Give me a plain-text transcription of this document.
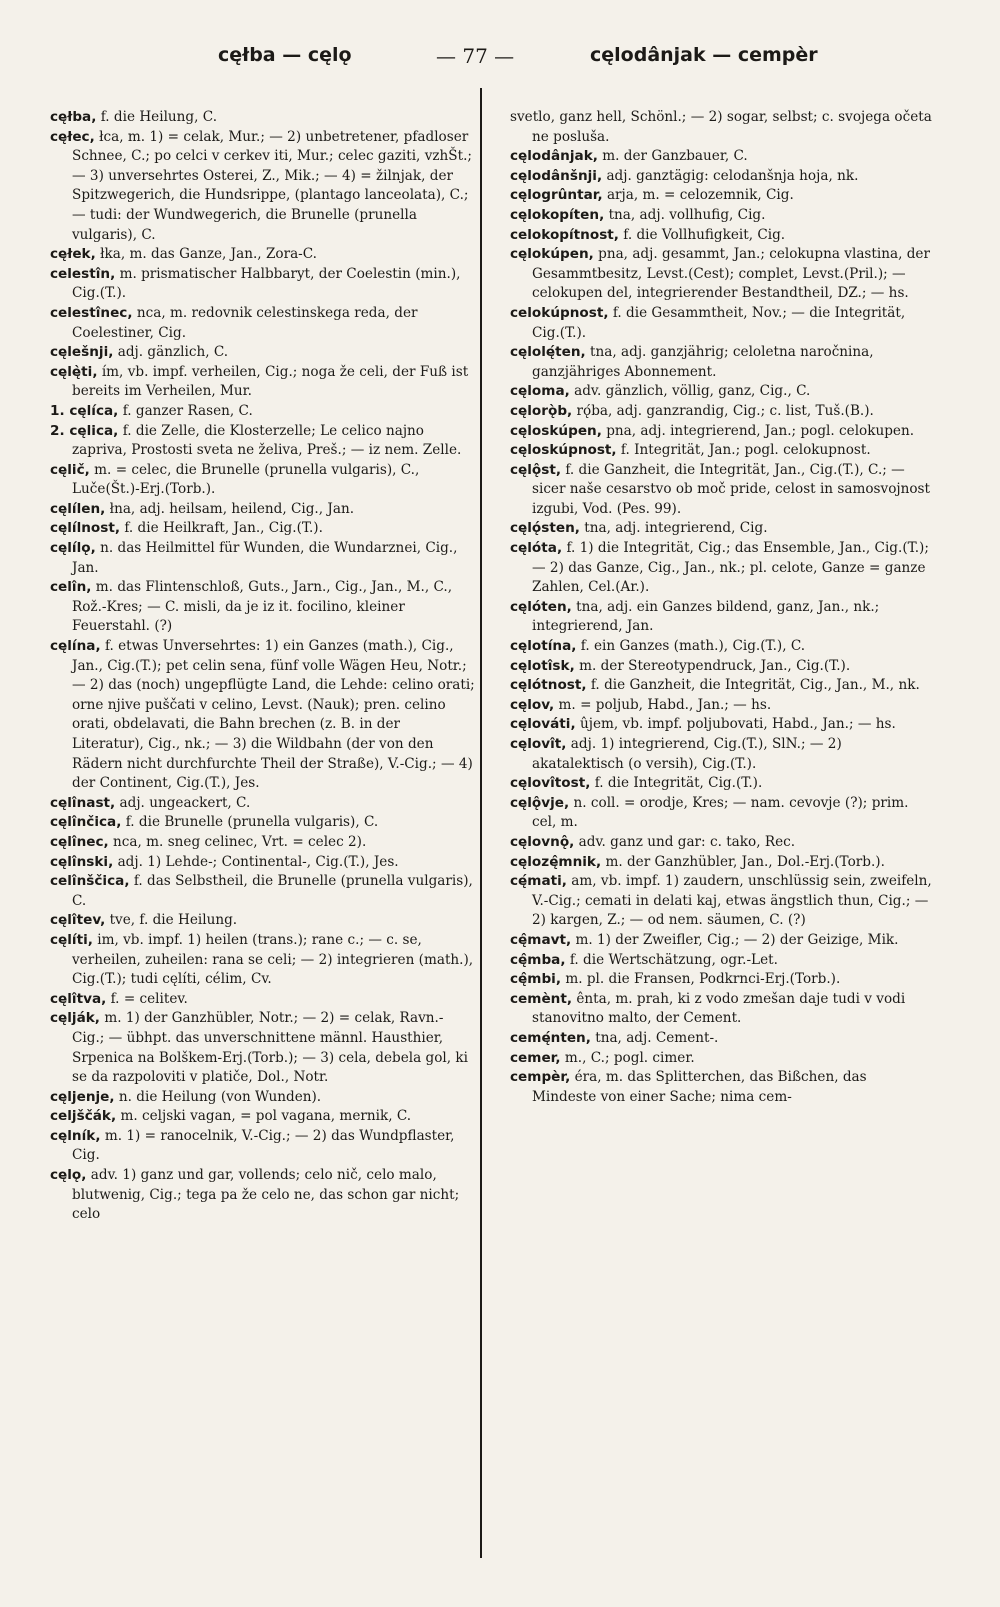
cęłba — cęlǫ	— 77 —	cęlodânjak — cempèr

cęłba, f. die Heilung, C.

cęłec, łca, m. 1) = celak, Mur.; — 2) unbetretener, pfadloser Schnee, C.; po celci v cerkev iti, Mur.; celec gaziti, vzhŠt.; — 3) unversehrtes Osterei, Z., Mik.; — 4) = žilnjak, der Spitzwegerich, die Hundsrippe, (plantago lanceolata), C.; — tudi: der Wundwegerich, die Brunelle (prunella vulgaris), C.

cęłek, łka, m. das Ganze, Jan., Zora-C.

celestîn, m. prismatischer Halbbaryt, der Coelestin (min.), Cig.(T.).

celestînec, nca, m. redovnik celestinskega reda, der Coelestiner, Cig.

cęlešnji, adj. gänzlich, C.

cęlę̀ti, ím, vb. impf. verheilen, Cig.; noga že celi, der Fuß ist bereits im Verheilen, Mur.

1. cęlíca, f. ganzer Rasen, C.

2. cęlica, f. die Zelle, die Klosterzelle; Le celico najno zapriva, Prostosti sveta ne želiva, Preš.; — iz nem. Zelle.

cęlič, m. = celec, die Brunelle (prunella vulgaris), C., Luče(Št.)-Erj.(Torb.).

cęlílen, łna, adj. heilsam, heilend, Cig., Jan.

cęlílnost, f. die Heilkraft, Jan., Cig.(T.).

cęlílǫ, n. das Heilmittel für Wunden, die Wundarznei, Cig., Jan.

celîn, m. das Flintenschloß, Guts., Jarn., Cig., Jan., M., C., Rož.-Kres; — C. misli, da je iz it. focilino, kleiner Feuerstahl. (?)

cęlína, f. etwas Unversehrtes: 1) ein Ganzes (math.), Cig., Jan., Cig.(T.); pet celin sena, fünf volle Wägen Heu, Notr.; — 2) das (noch) ungepflügte Land, die Lehde: celino orati; orne njive puščati v celino, Levst. (Nauk); pren. celino orati, obdelavati, die Bahn brechen (z. B. in der Literatur), Cig., nk.; — 3) die Wildbahn (der von den Rädern nicht durchfurchte Theil der Straße), V.-Cig.; — 4) der Continent, Cig.(T.), Jes.

cęlînast, adj. ungeackert, C.

cęlînčica, f. die Brunelle (prunella vulgaris), C.

cęlînec, nca, m. sneg celinec, Vrt. = celec 2).

cęlînski, adj. 1) Lehde-; Continental-, Cig.(T.), Jes.

celînščica, f. das Selbstheil, die Brunelle (prunella vulgaris), C.

cęlîtev, tve, f. die Heilung.

cęlíti, im, vb. impf. 1) heilen (trans.); rane c.; — c. se, verheilen, zuheilen: rana se celi; — 2) integrieren (math.), Cig.(T.); tudi cęlíti, célim, Cv.

cęlîtva, f. = celitev.

cęlják, m. 1) der Ganzhübler, Notr.; — 2) = celak, Ravn.-Cig.; — übhpt. das unverschnittene männl. Hausthier, Srpenica na Bolškem-Erj.(Torb.); — 3) cela, debela gol, ki se da razpoloviti v platiče, Dol., Notr.

cęljenje, n. die Heilung (von Wunden).

celjščák, m. celjski vagan, = pol vagana, mernik, C.

cęlník, m. 1) = ranocelnik, V.-Cig.; — 2) das Wundpflaster, Cig.

cęlǫ, adv. 1) ganz und gar, vollends; celo nič, celo malo, blutwenig, Cig.; tega pa že celo ne, das schon gar nicht; celo

svetlo, ganz hell, Schönl.; — 2) sogar, selbst; c. svojega očeta ne posluša.

cęlodânjak, m. der Ganzbauer, C.

cęlodânšnji, adj. ganztägig: celodanšnja hoja, nk.

cęlogrûntar, arja, m. = celozemnik, Cig.

cęlokopíten, tna, adj. vollhufig, Cig.

celokopítnost, f. die Vollhufigkeit, Cig.

cęlokúpen, pna, adj. gesammt, Jan.; celokupna vlastina, der Gesammtbesitz, Levst.(Cest); complet, Levst.(Pril.); — celokupen del, integrierender Bestandtheil, DZ.; — hs.

celokúpnost, f. die Gesammtheit, Nov.; — die Integrität, Cig.(T.).

cęlolę́ten, tna, adj. ganzjährig; celoletna naročnina, ganzjähriges Abonnement.

cęloma, adv. gänzlich, völlig, ganz, Cig., C.

cęlorǫ̀b, rǫ́ba, adj. ganzrandig, Cig.; c. list, Tuš.(B.).

cęloskúpen, pna, adj. integrierend, Jan.; pogl. celokupen.

cęloskúpnost, f. Integrität, Jan.; pogl. celokupnost.

cęlǫ̂st, f. die Ganzheit, die Integrität, Jan., Cig.(T.), C.; — sicer naše cesarstvo ob moč pride, celost in samosvojnost izgubi, Vod. (Pes. 99).

cęlǫ́sten, tna, adj. integrierend, Cig.

cęlóta, f. 1) die Integrität, Cig.; das Ensemble, Jan., Cig.(T.); — 2) das Ganze, Cig., Jan., nk.; pl. celote, Ganze = ganze Zahlen, Cel.(Ar.).

cęlóten, tna, adj. ein Ganzes bildend, ganz, Jan., nk.; integrierend, Jan.

cęlotína, f. ein Ganzes (math.), Cig.(T.), C.

cęlotîsk, m. der Stereotypendruck, Jan., Cig.(T.).

cęlótnost, f. die Ganzheit, die Integrität, Cig., Jan., M., nk.

cęlov, m. = poljub, Habd., Jan.; — hs.

cęlováti, ûjem, vb. impf. poljubovati, Habd., Jan.; — hs.

cęlovît, adj. 1) integrierend, Cig.(T.), SlN.; — 2) akatalektisch (o versih), Cig.(T.).

cęlovîtost, f. die Integrität, Cig.(T.).

cęlǫ̂vje, n. coll. = orodje, Kres; — nam. cevovje (?); prim. cel, m.

cęlovnǫ̂, adv. ganz und gar: c. tako, Rec.

cęlozę̂mnik, m. der Ganzhübler, Jan., Dol.-Erj.(Torb.).

cę́mati, am, vb. impf. 1) zaudern, unschlüssig sein, zweifeln, V.-Cig.; cemati in delati kaj, etwas ängstlich thun, Cig.; — 2) kargen, Z.; — od nem. säumen, C. (?)

cę̂mavt, m. 1) der Zweifler, Cig.; — 2) der Geizige, Mik.

cę̂mba, f. die Wertschätzung, ogr.-Let.

cę̂mbi, m. pl. die Fransen, Podkrnci-Erj.(Torb.).

cemènt, ênta, m. prah, ki z vodo zmešan daje tudi v vodi stanovitno malto, der Cement.

cemę́nten, tna, adj. Cement-.

cemer, m., C.; pogl. cimer.

cempèr, éra, m. das Splitterchen, das Bißchen, das Mindeste von einer Sache; nima cem-
